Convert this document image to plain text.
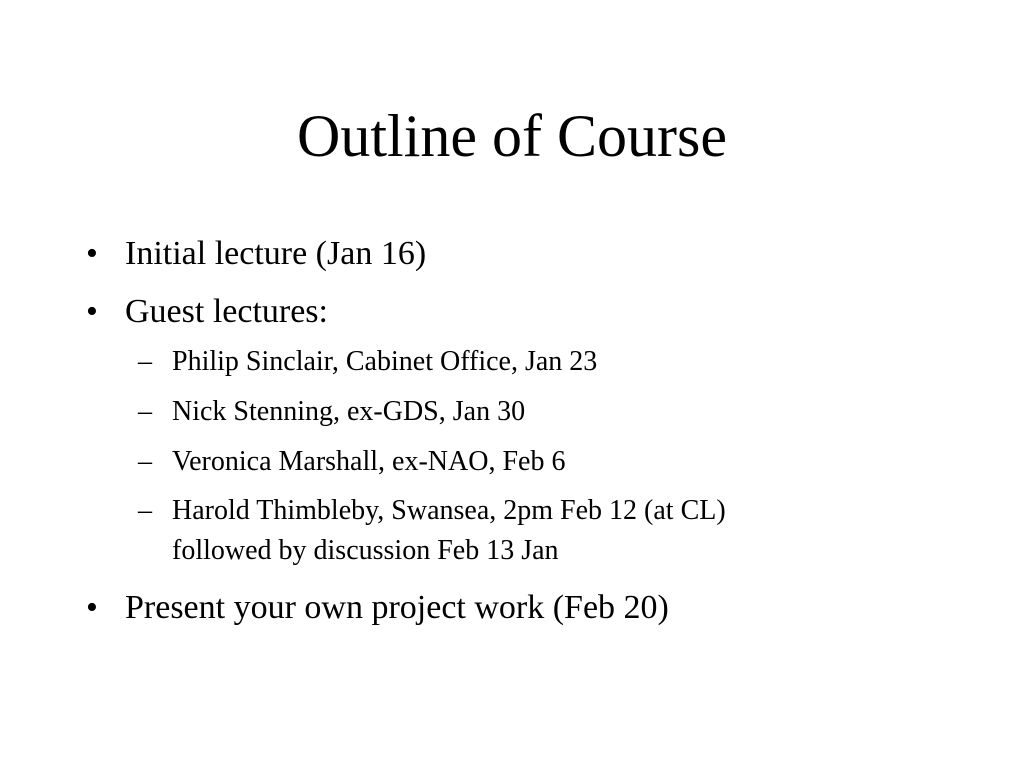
Outline of Course
• Initial lecture (Jan 16)
• Guest lectures:
– Philip Sinclair, Cabinet Office, Jan 23
– Nick Stenning, ex-GDS, Jan 30
– Veronica Marshall, ex-NAO, Feb 6
– Harold Thimbleby, Swansea, 2pm Feb 12 (at CL)
followed by discussion Feb 13 Jan
• Present your own project work (Feb 20)
